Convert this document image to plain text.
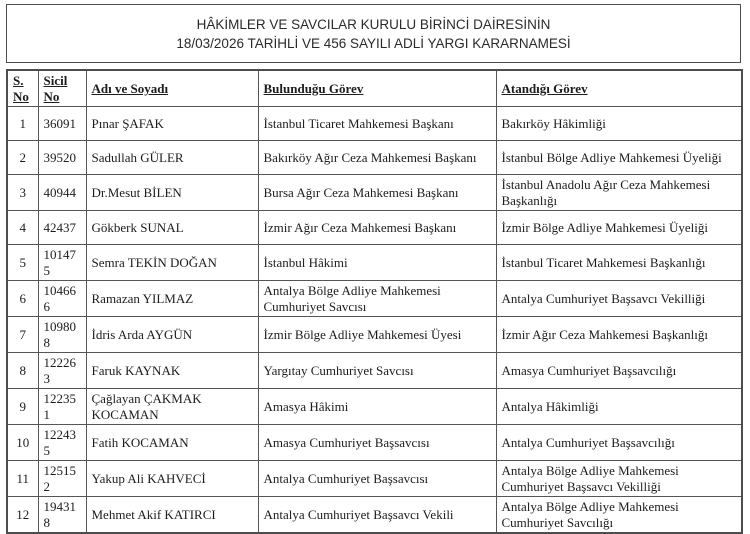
HÂKİMLER VE SAVCILAR KURULU BİRİNCİ DAİRESİNİN
18/03/2026 TARİHLİ VE 456 SAYILI ADLİ YARGI KARARNAMESİ
S.No	Sicil No	Adı ve Soyadı	Bulunduğu Görev	Atandığı Görev
1	36091	Pınar ŞAFAK	İstanbul Ticaret Mahkemesi Başkanı	Bakırköy Hâkimliği
2	39520	Sadullah GÜLER	Bakırköy Ağır Ceza Mahkemesi Başkanı	İstanbul Bölge Adliye Mahkemesi Üyeliği
3	40944	Dr.Mesut BİLEN	Bursa Ağır Ceza Mahkemesi Başkanı	İstanbul Anadolu Ağır Ceza Mahkemesi Başkanlığı
4	42437	Gökberk SUNAL	İzmir Ağır Ceza Mahkemesi Başkanı	İzmir Bölge Adliye Mahkemesi Üyeliği
5	101475	Semra TEKİN DOĞAN	İstanbul Hâkimi	İstanbul Ticaret Mahkemesi Başkanlığı
6	104666	Ramazan YILMAZ	Antalya Bölge Adliye Mahkemesi Cumhuriyet Savcısı	Antalya Cumhuriyet Başsavcı Vekilliği
7	109808	İdris Arda AYGÜN	İzmir Bölge Adliye Mahkemesi Üyesi	İzmir Ağır Ceza Mahkemesi Başkanlığı
8	122263	Faruk KAYNAK	Yargıtay Cumhuriyet Savcısı	Amasya Cumhuriyet Başsavcılığı
9	122351	Çağlayan ÇAKMAK KOCAMAN	Amasya Hâkimi	Antalya Hâkimliği
10	122435	Fatih KOCAMAN	Amasya Cumhuriyet Başsavcısı	Antalya Cumhuriyet Başsavcılığı
11	125152	Yakup Ali KAHVECİ	Antalya Cumhuriyet Başsavcısı	Antalya Bölge Adliye Mahkemesi Cumhuriyet Başsavcı Vekilliği
12	194318	Mehmet Akif KATIRCI	Antalya Cumhuriyet Başsavcı Vekili	Antalya Bölge Adliye Mahkemesi Cumhuriyet Savcılığı
